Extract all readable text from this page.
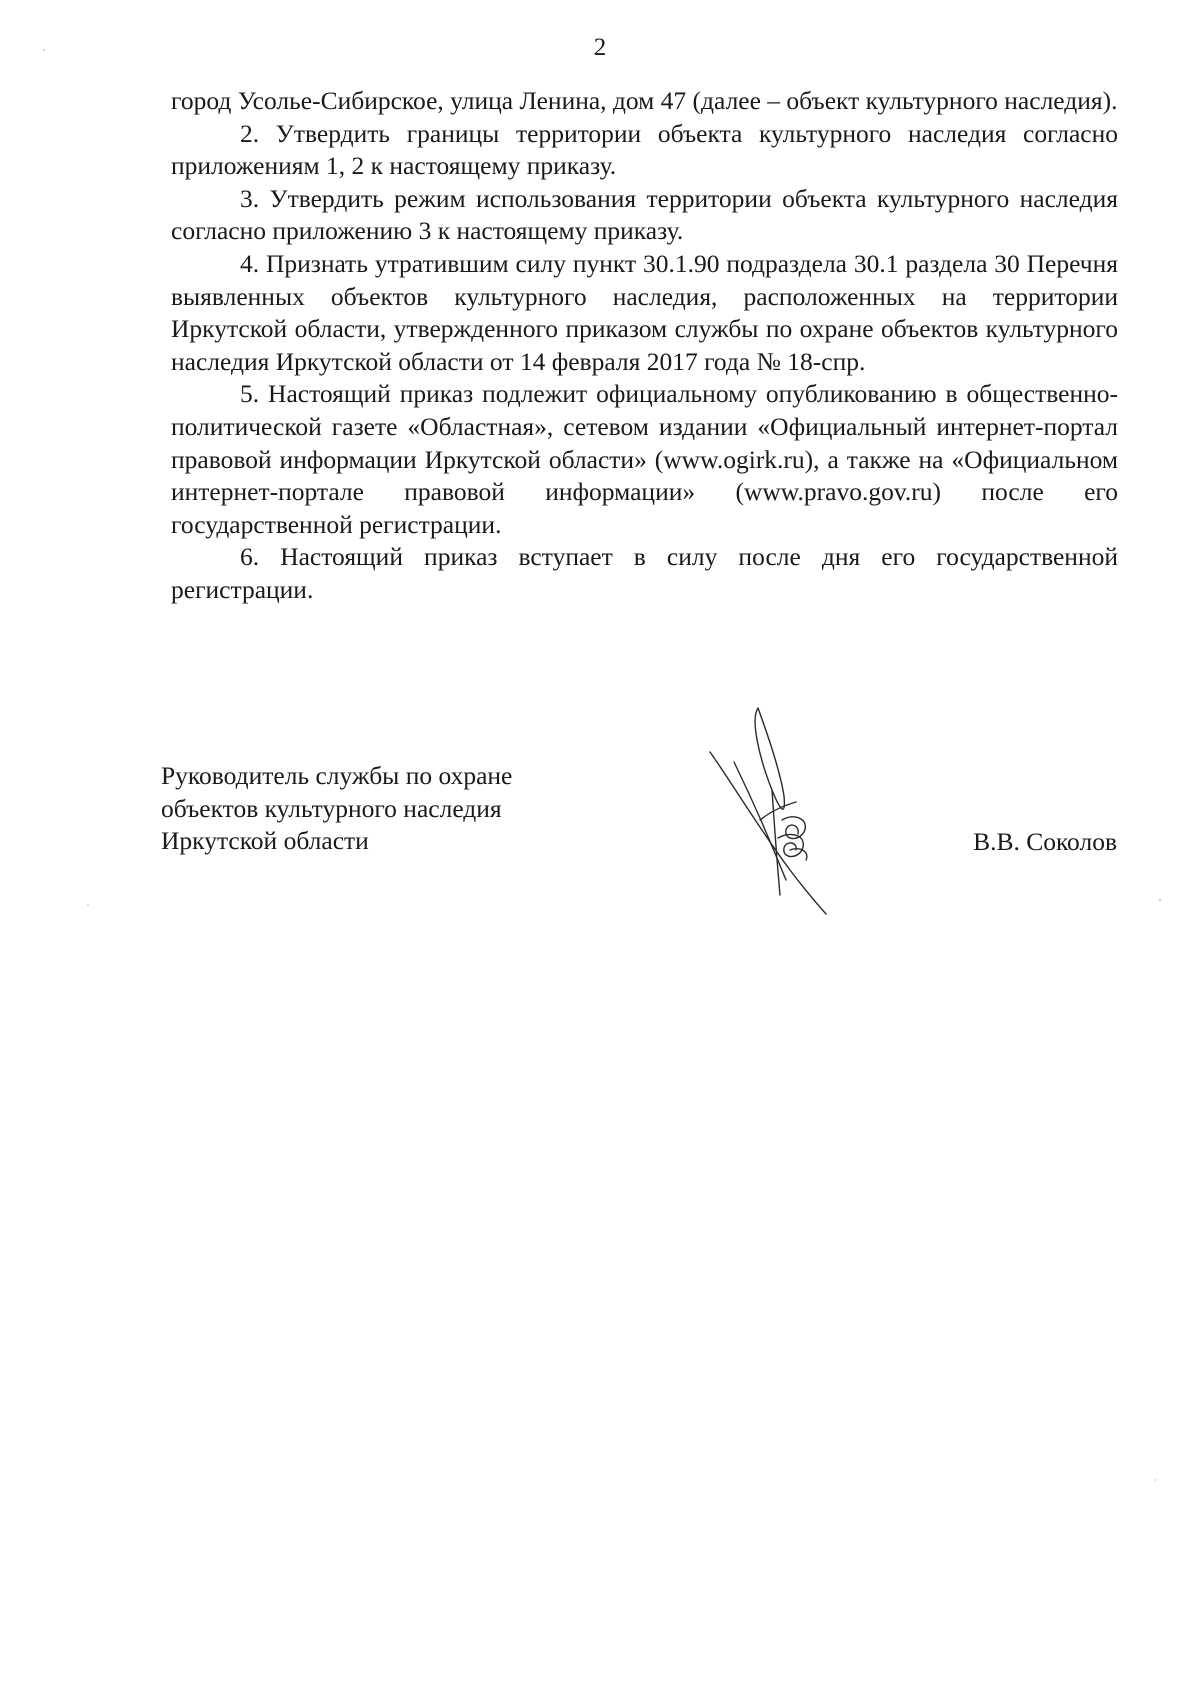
2

город Усолье-Сибирское, улица Ленина, дом 47 (далее – объект культурного наследия).

2. Утвердить границы территории объекта культурного наследия согласно приложениям 1, 2 к настоящему приказу.

3. Утвердить режим использования территории объекта культурного наследия согласно приложению 3 к настоящему приказу.

4. Признать утратившим силу пункт 30.1.90 подраздела 30.1 раздела 30 Перечня выявленных объектов культурного наследия, расположенных на территории Иркутской области, утвержденного приказом службы по охране объектов культурного наследия Иркутской области от 14 февраля 2017 года № 18-спр.

5. Настоящий приказ подлежит официальному опубликованию в общественно-политической газете «Областная», сетевом издании «Официальный интернет-портал правовой информации Иркутской области» (www.ogirk.ru), а также на «Официальном интернет-портале правовой информации» (www.pravo.gov.ru) после его государственной регистрации.

6. Настоящий приказ вступает в силу после дня его государственной регистрации.

Руководитель службы по охране
объектов культурного наследия
Иркутской области	В.В. Соколов
